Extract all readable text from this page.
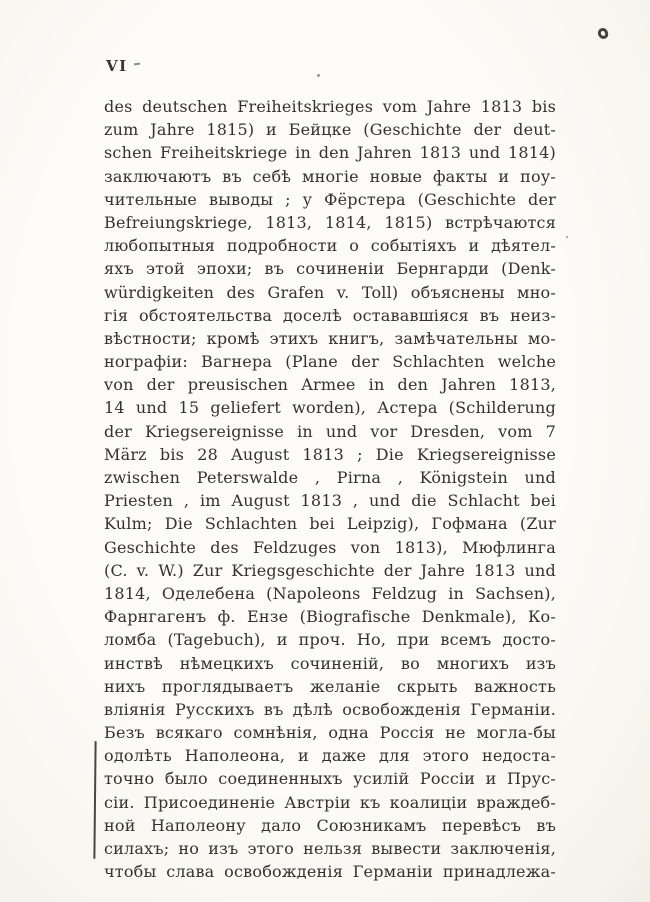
VI
des deutschen Freiheitskrieges vom Jahre 1813 bis
zum Jahre 1815) и Бейцке (Geschichte der deut-
schen Freiheitskriege in den Jahren 1813 und 1814)
заключаютъ въ себѣ многіе новые факты и поу-
чительные выводы ; у Фёрстера (Geschichte der
Befreiungskriege, 1813, 1814, 1815) встрѣчаются
любопытныя подробности о событіяхъ и дѣятел-
яхъ этой эпохи; въ сочиненіи Бернгарди (Denk-
würdigkeiten des Grafen v. Toll) объяснены мно-
гія обстоятельства доселѣ остававшіяся въ неиз-
вѣстности; кромѣ этихъ книгъ, замѣчательны мо-
нографіи: Вагнера (Plane der Schlachten welche
von der preusischen Armee in den Jahren 1813,
14 und 15 geliefert worden), Астера (Schilderung
der Kriegsereignisse in und vor Dresden, vom 7
März bis 28 August 1813 ; Die Kriegsereignisse
zwischen Peterswalde , Pirna , Königstein und
Priesten , im August 1813 , und die Schlacht bei
Kulm; Die Schlachten bei Leipzig), Гофмана (Zur
Geschichte des Feldzuges von 1813), Мюфлинга
(C. v. W.) Zur Kriegsgeschichte der Jahre 1813 und
1814, Оделебена (Napoleons Feldzug in Sachsen),
Фарнгагенъ ф. Ензе (Biografische Denkmale), Ко-
ломба (Tagebuch), и проч. Но, при всемъ досто-
инствѣ нѣмецкихъ сочиненій, во многихъ изъ
нихъ проглядываетъ желаніе скрыть важность
вліянія Русскихъ въ дѣлѣ освобожденія Германіи.
Безъ всякаго сомнѣнія, одна Россія не могла-бы
одолѣть Наполеона, и даже для этого недоста-
точно было соединенныхъ усилій Россіи и Прус-
сіи. Присоединеніе Австріи къ коалиціи враждеб-
ной Наполеону дало Союзникамъ перевѣсъ въ
силахъ; но изъ этого нельзя вывести заключенія,
чтобы слава освобожденія Германіи принадлежа-
